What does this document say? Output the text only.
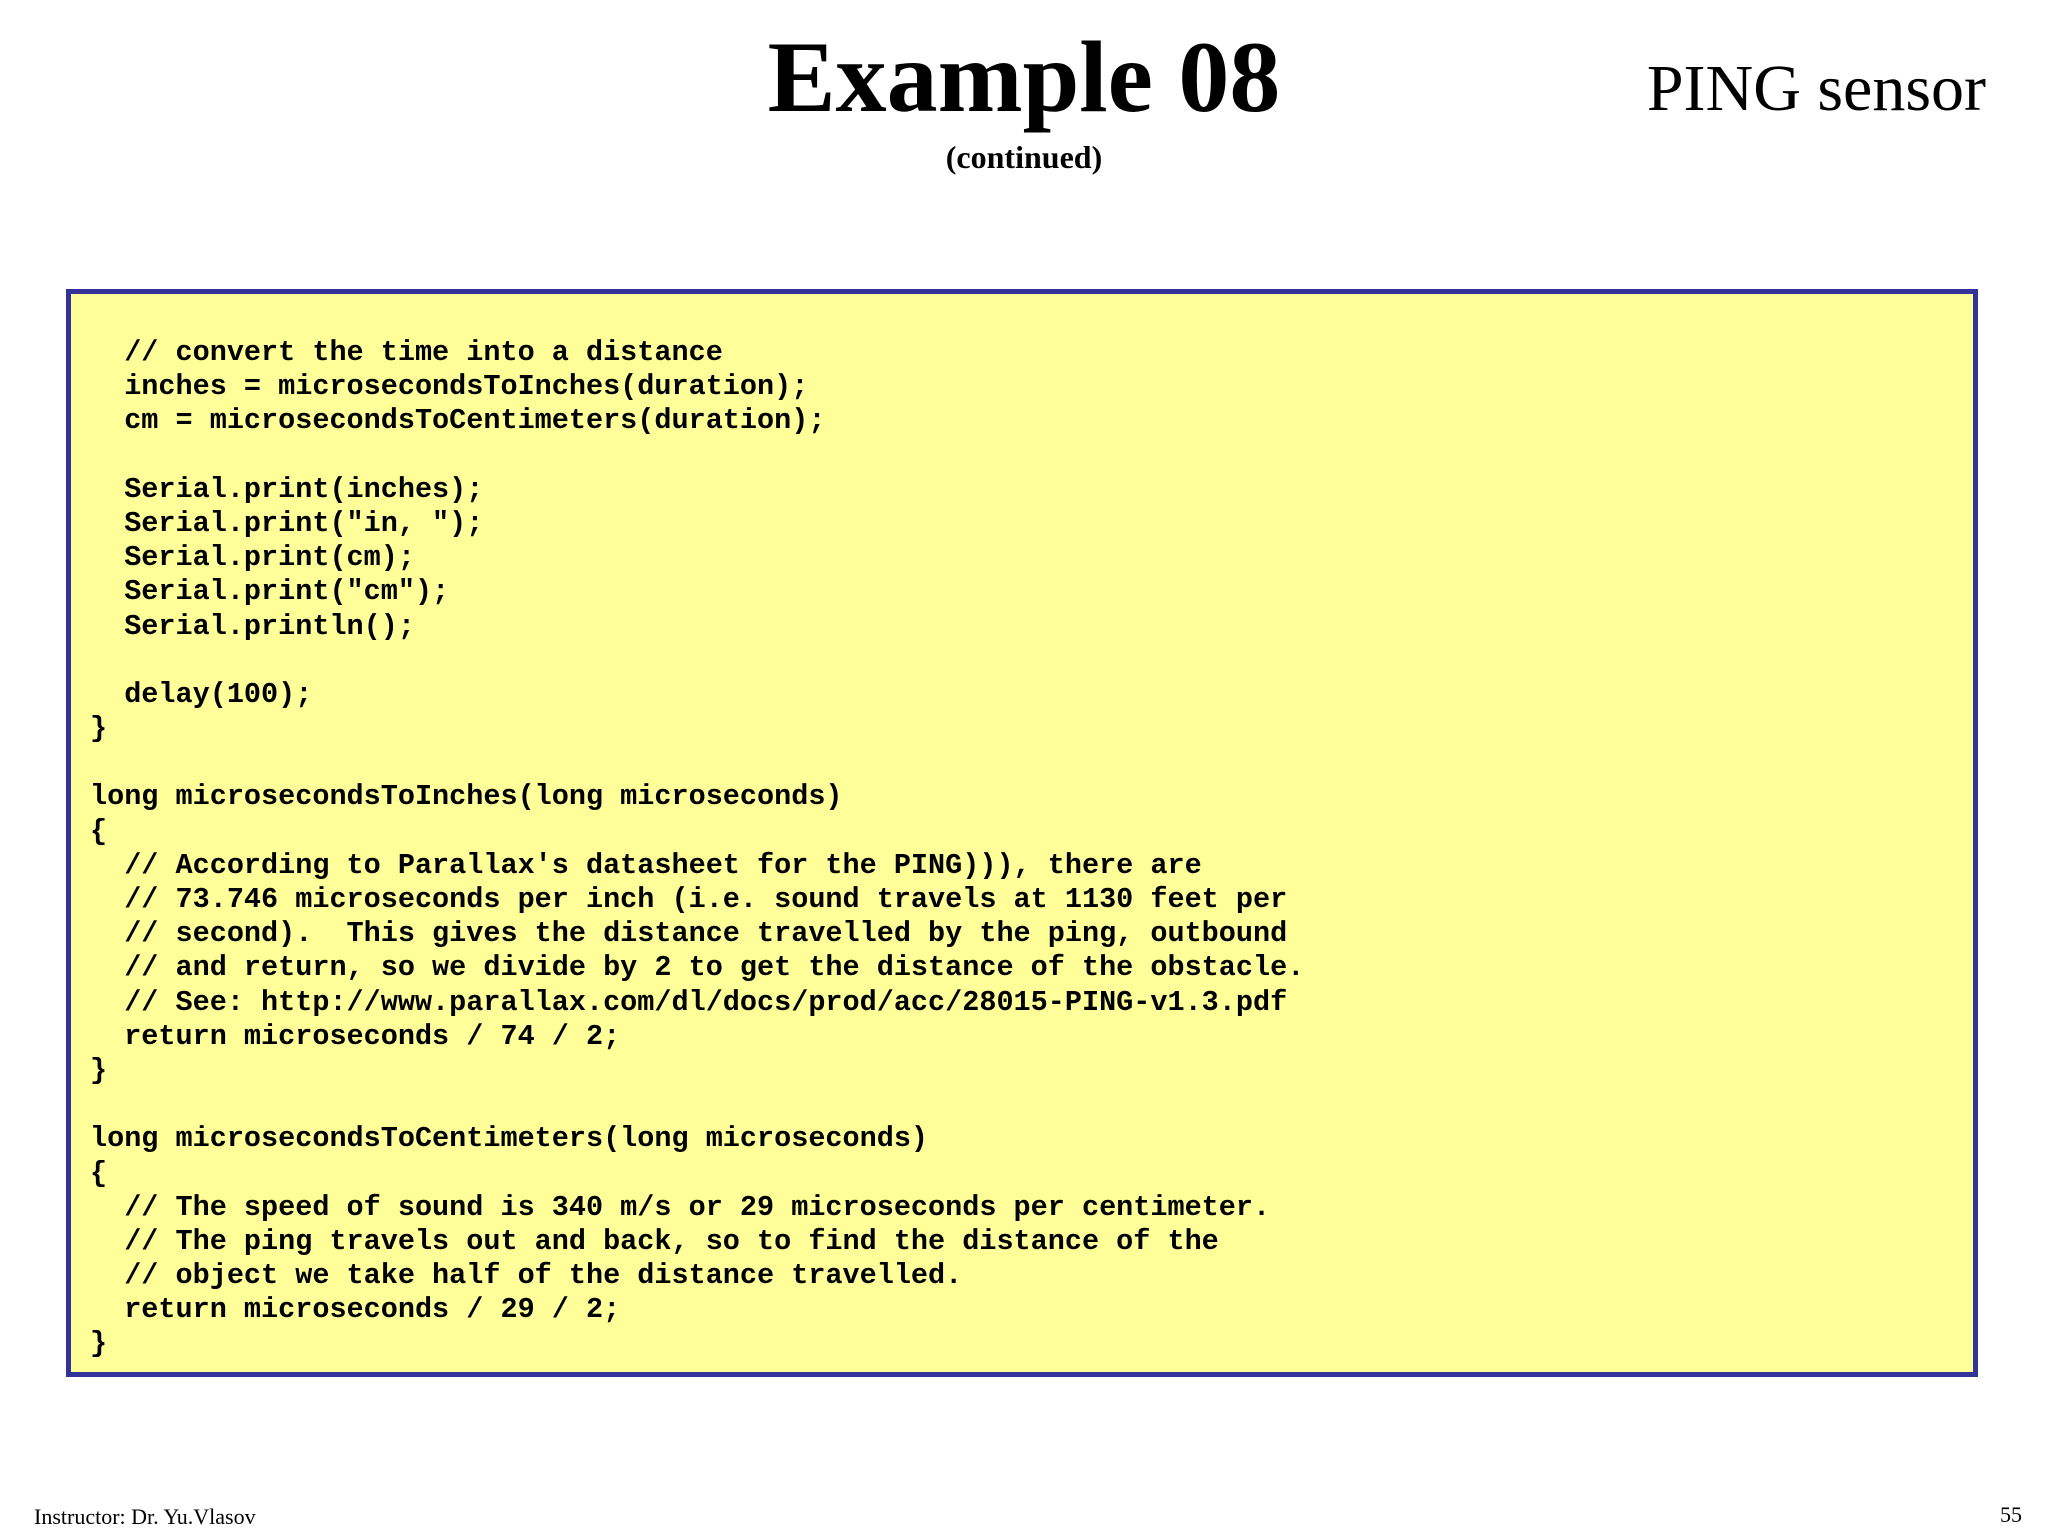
Example 08
(continued)
PING sensor
// convert the time into a distance
inches = microsecondsToInches(duration);
cm = microsecondsToCentimeters(duration);
Serial.print(inches);
Serial.print("in, ");
Serial.print(cm);
Serial.print("cm");
Serial.println();
delay(100);
}
long microsecondsToInches(long microseconds)
{
// According to Parallax's datasheet for the PING))), there are
// 73.746 microseconds per inch (i.e. sound travels at 1130 feet per
// second).  This gives the distance travelled by the ping, outbound
// and return, so we divide by 2 to get the distance of the obstacle.
// See: http://www.parallax.com/dl/docs/prod/acc/28015-PING-v1.3.pdf
return microseconds / 74 / 2;
}
long microsecondsToCentimeters(long microseconds)
{
// The speed of sound is 340 m/s or 29 microseconds per centimeter.
// The ping travels out and back, so to find the distance of the
// object we take half of the distance travelled.
return microseconds / 29 / 2;
}
Instructor: Dr. Yu.Vlasov	55
